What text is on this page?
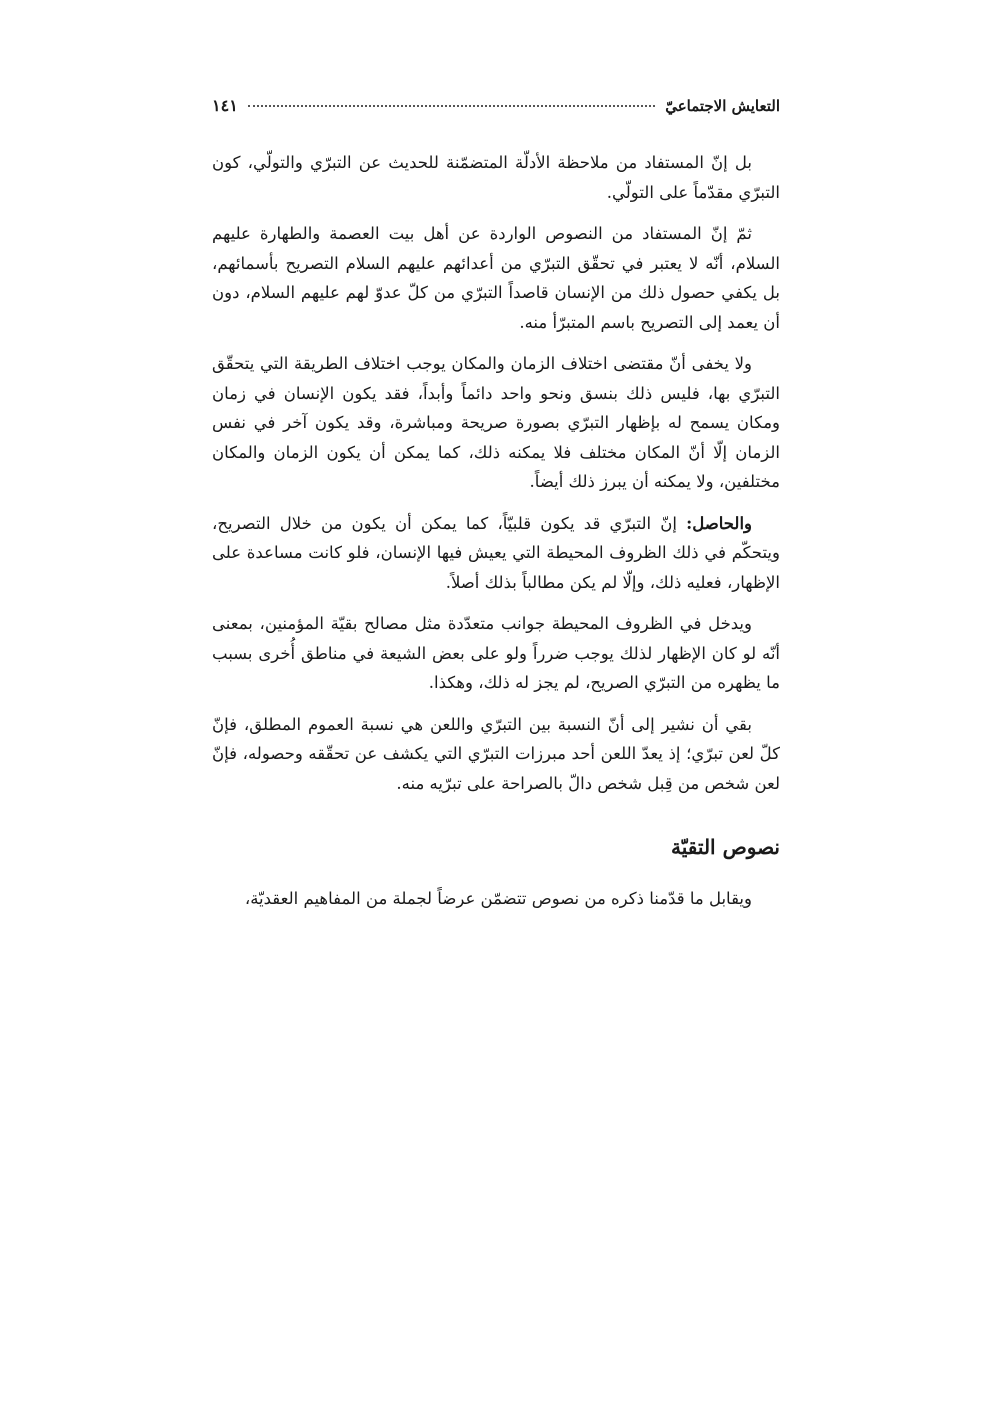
التعايش الاجتماعيّ
١٤١

بل إنّ المستفاد من ملاحظة الأدلّة المتضمّنة للحديث عن التبرّي والتولّي، كون التبرّي مقدّماً على التولّي.

ثمّ إنّ المستفاد من النصوص الواردة عن أهل بيت العصمة والطهارة عليهم السلام، أنّه لا يعتبر في تحقّق التبرّي من أعدائهم عليهم السلام التصريح بأسمائهم، بل يكفي حصول ذلك من الإنسان قاصداً التبرّي من كلّ عدوّ لهم عليهم السلام، دون أن يعمد إلى التصريح باسم المتبرّأ منه.

ولا يخفى أنّ مقتضى اختلاف الزمان والمكان يوجب اختلاف الطريقة التي يتحقّق التبرّي بها، فليس ذلك بنسق ونحو واحد دائماً وأبداً، فقد يكون الإنسان في زمان ومكان يسمح له بإظهار التبرّي بصورة صريحة ومباشرة، وقد يكون آخر في نفس الزمان إلّا أنّ المكان مختلف فلا يمكنه ذلك، كما يمكن أن يكون الزمان والمكان مختلفين، ولا يمكنه أن يبرز ذلك أيضاً.

والحاصل: إنّ التبرّي قد يكون قلبيّاً، كما يمكن أن يكون من خلال التصريح، ويتحكّم في ذلك الظروف المحيطة التي يعيش فيها الإنسان، فلو كانت مساعدة على الإظهار، فعليه ذلك، وإلّا لم يكن مطالباً بذلك أصلاً.

ويدخل في الظروف المحيطة جوانب متعدّدة مثل مصالح بقيّة المؤمنين، بمعنى أنّه لو كان الإظهار لذلك يوجب ضرراً ولو على بعض الشيعة في مناطق أُخرى بسبب ما يظهره من التبرّي الصريح، لم يجز له ذلك، وهكذا.

بقي أن نشير إلى أنّ النسبة بين التبرّي واللعن هي نسبة العموم المطلق، فإنّ كلّ لعن تبرّي؛ إذ يعدّ اللعن أحد مبرزات التبرّي التي يكشف عن تحقّقه وحصوله، فإنّ لعن شخص من قِبل شخص دالّ بالصراحة على تبرّيه منه.

نصوص التقيّة

ويقابل ما قدّمنا ذكره من نصوص تتضمّن عرضاً لجملة من المفاهيم العقديّة،
